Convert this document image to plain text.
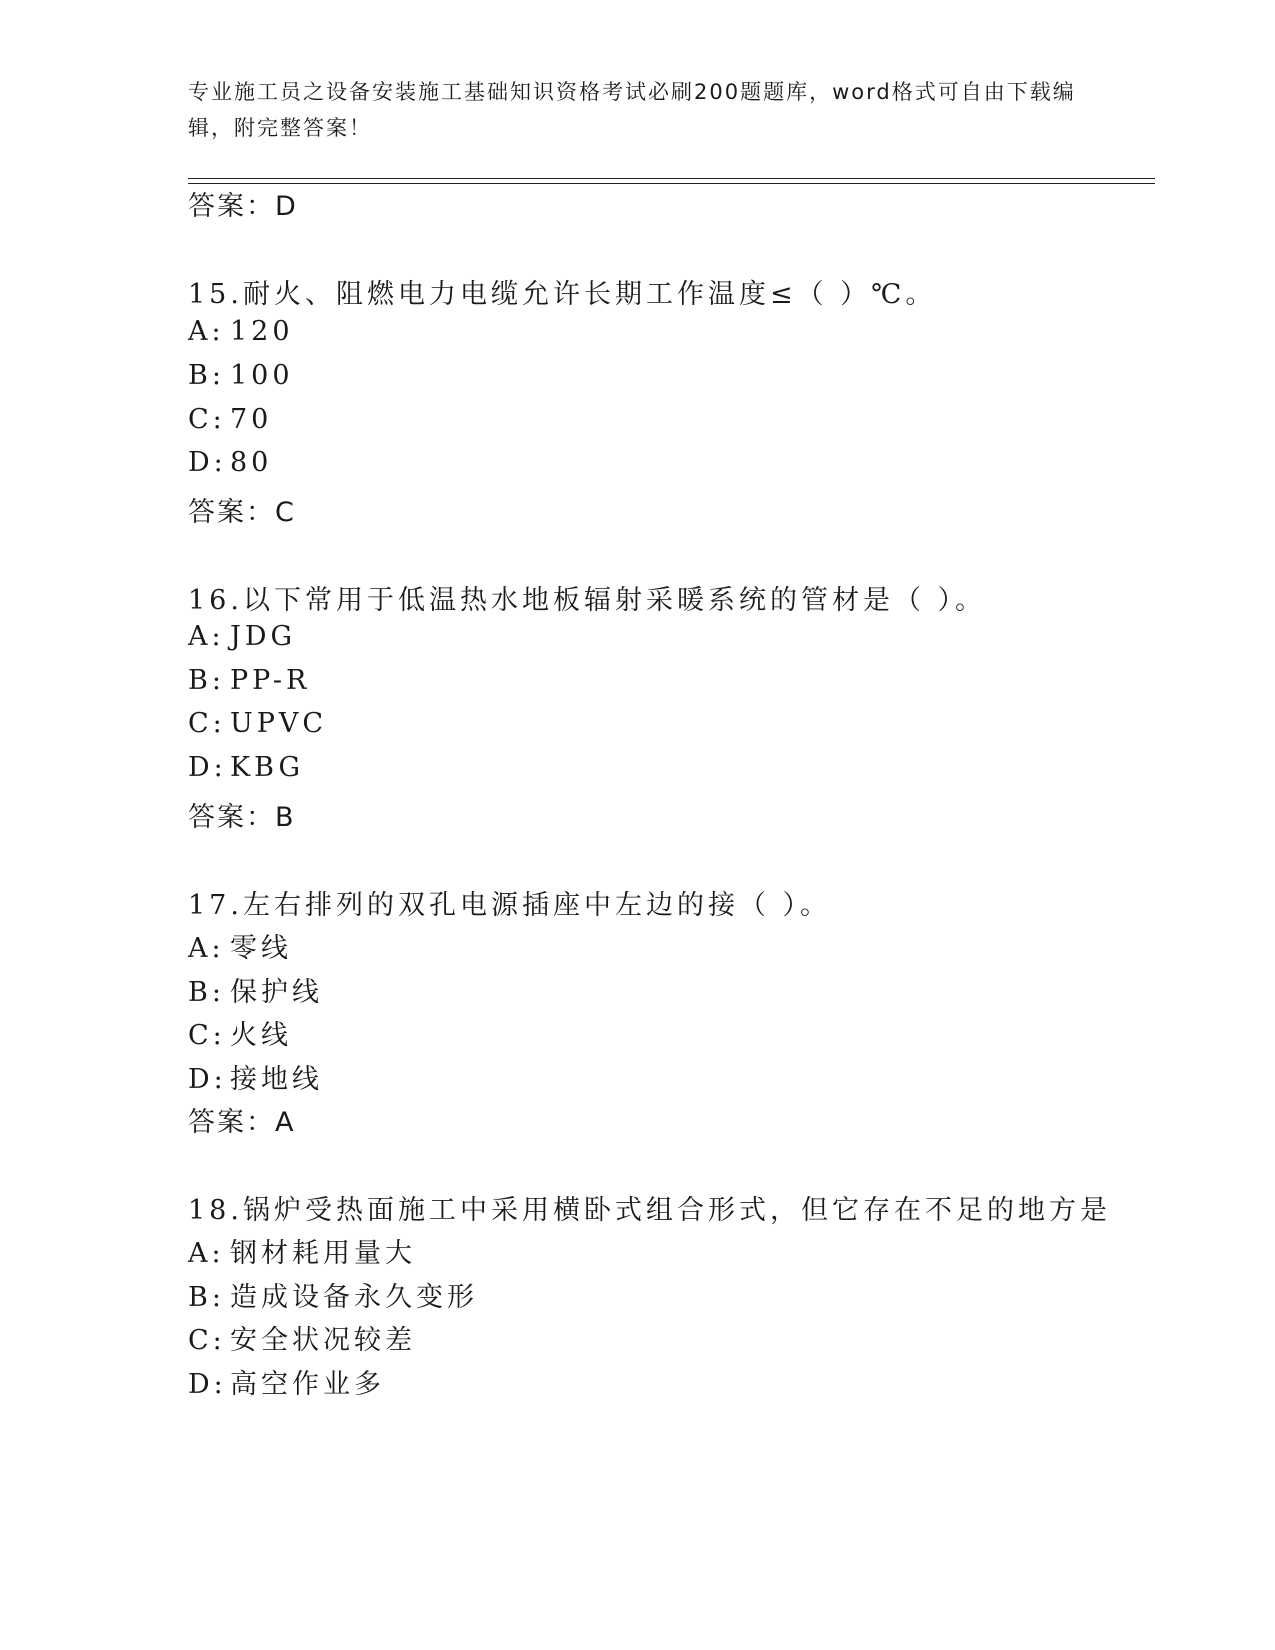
专业施工员之设备安装施工基础知识资格考试必刷200题题库，word格式可自由下载编辑，附完整答案！
答案：D
15.耐火、阻燃电力电缆允许长期工作温度≤（ ）℃。
A: 120
B: 100
C: 70
D: 80
答案：C
16.以下常用于低温热水地板辐射采暖系统的管材是（ ）。
A: JDG
B: PP-R
C: UPVC
D: KBG
答案：B
17.左右排列的双孔电源插座中左边的接（ ）。
A: 零线
B: 保护线
C: 火线
D: 接地线
答案：A
18.锅炉受热面施工中采用横卧式组合形式，但它存在不足的地方是
A: 钢材耗用量大
B: 造成设备永久变形
C: 安全状况较差
D: 高空作业多
